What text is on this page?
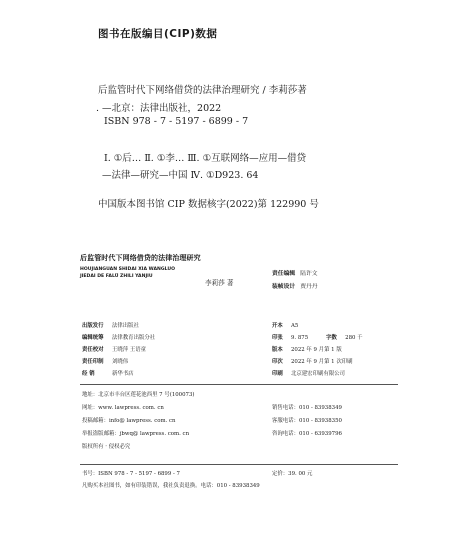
图书在版编目(CIP)数据
后监管时代下网络借贷的法律治理研究 / 李莉莎著
. —北京：法律出版社，2022
ISBN 978 - 7 - 5197 - 6899 - 7
Ⅰ. ①后… Ⅱ. ①李… Ⅲ. ①互联网络—应用—借贷
—法律—研究—中国 Ⅳ. ①D923. 64
中国版本图书馆 CIP 数据核字(2022)第 122990 号
后监管时代下网络借贷的法律治理研究
HOUJIANGUAN SHIDAI XIA WANGLUO
JIEDAI DE FALÜ ZHILI YANJIU
李莉莎 著
责任编辑 陆许文
装帧设计 贾丹丹
出版发行 法律出版社
编辑统筹 法律教育出版分社
责任校对 王晓萍 王语童
责任印制 刘晓伟
经 销	新华书店
开本 A5
印张 9. 875	字数 280 千
版本 2022 年 9 月第 1 版
印次 2022 年 9 月第 1 次印刷
印刷 北京建宏印刷有限公司
地址：北京市丰台区莲花池西里 7 号(100073)
网址：www. lawpress. com. cn
投稿邮箱：info@ lawpress. com. cn
举报盗版邮箱：jbwq@ lawpress. com. cn
版权所有 · 侵权必究
销售电话：010 - 83938349
客服电话：010 - 83938350
咨询电话：010 - 63939796
书号：ISBN 978 - 7 - 5197 - 6899 - 7	定价：39. 00 元
凡购买本社图书，如有印装错误，我社负责退换。电话：010 - 83938349
